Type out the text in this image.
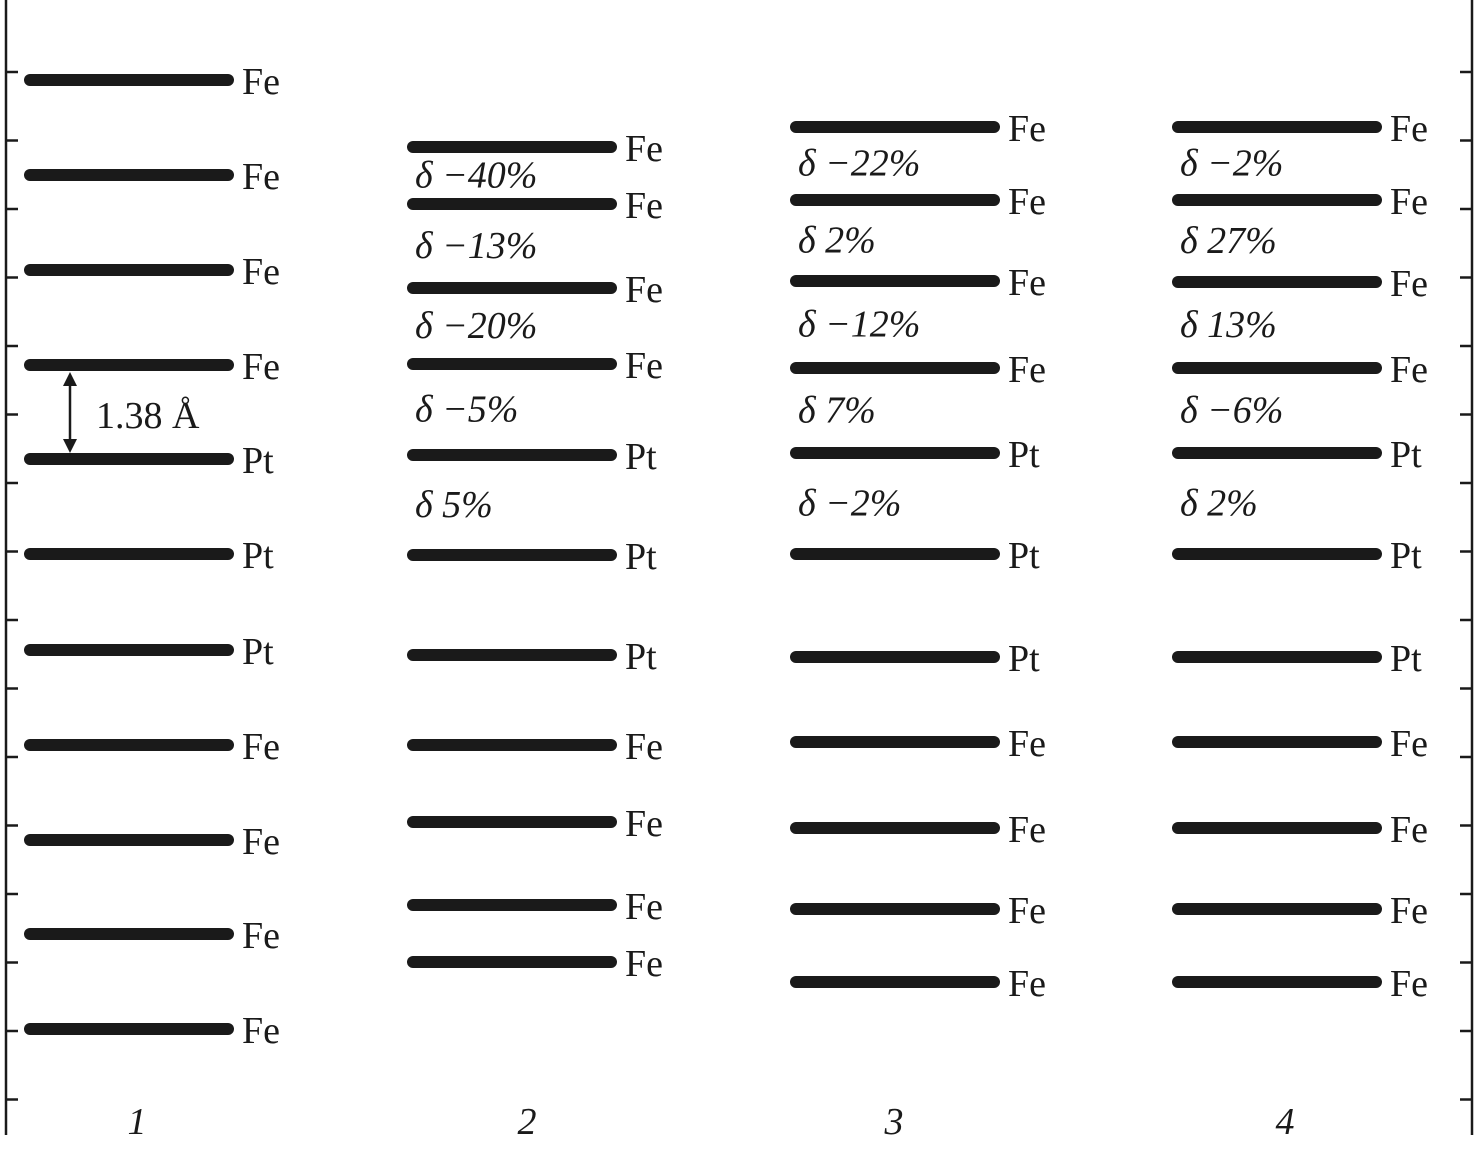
Fe
Fe
Fe
Fe
Pt
Pt
Pt
Fe
Fe
Fe
Fe
1
Fe
δ −40%
Fe
δ −13%
Fe
δ −20%
Fe
δ −5%
Pt
δ 5%
Pt
Pt
Fe
Fe
Fe
Fe
2
Fe
δ −22%
Fe
δ 2%
Fe
δ −12%
Fe
δ 7%
Pt
δ −2%
Pt
Pt
Fe
Fe
Fe
Fe
3
Fe
δ −2%
Fe
δ 27%
Fe
δ 13%
Fe
δ −6%
Pt
δ 2%
Pt
Pt
Fe
Fe
Fe
Fe
4
1.38 Å
